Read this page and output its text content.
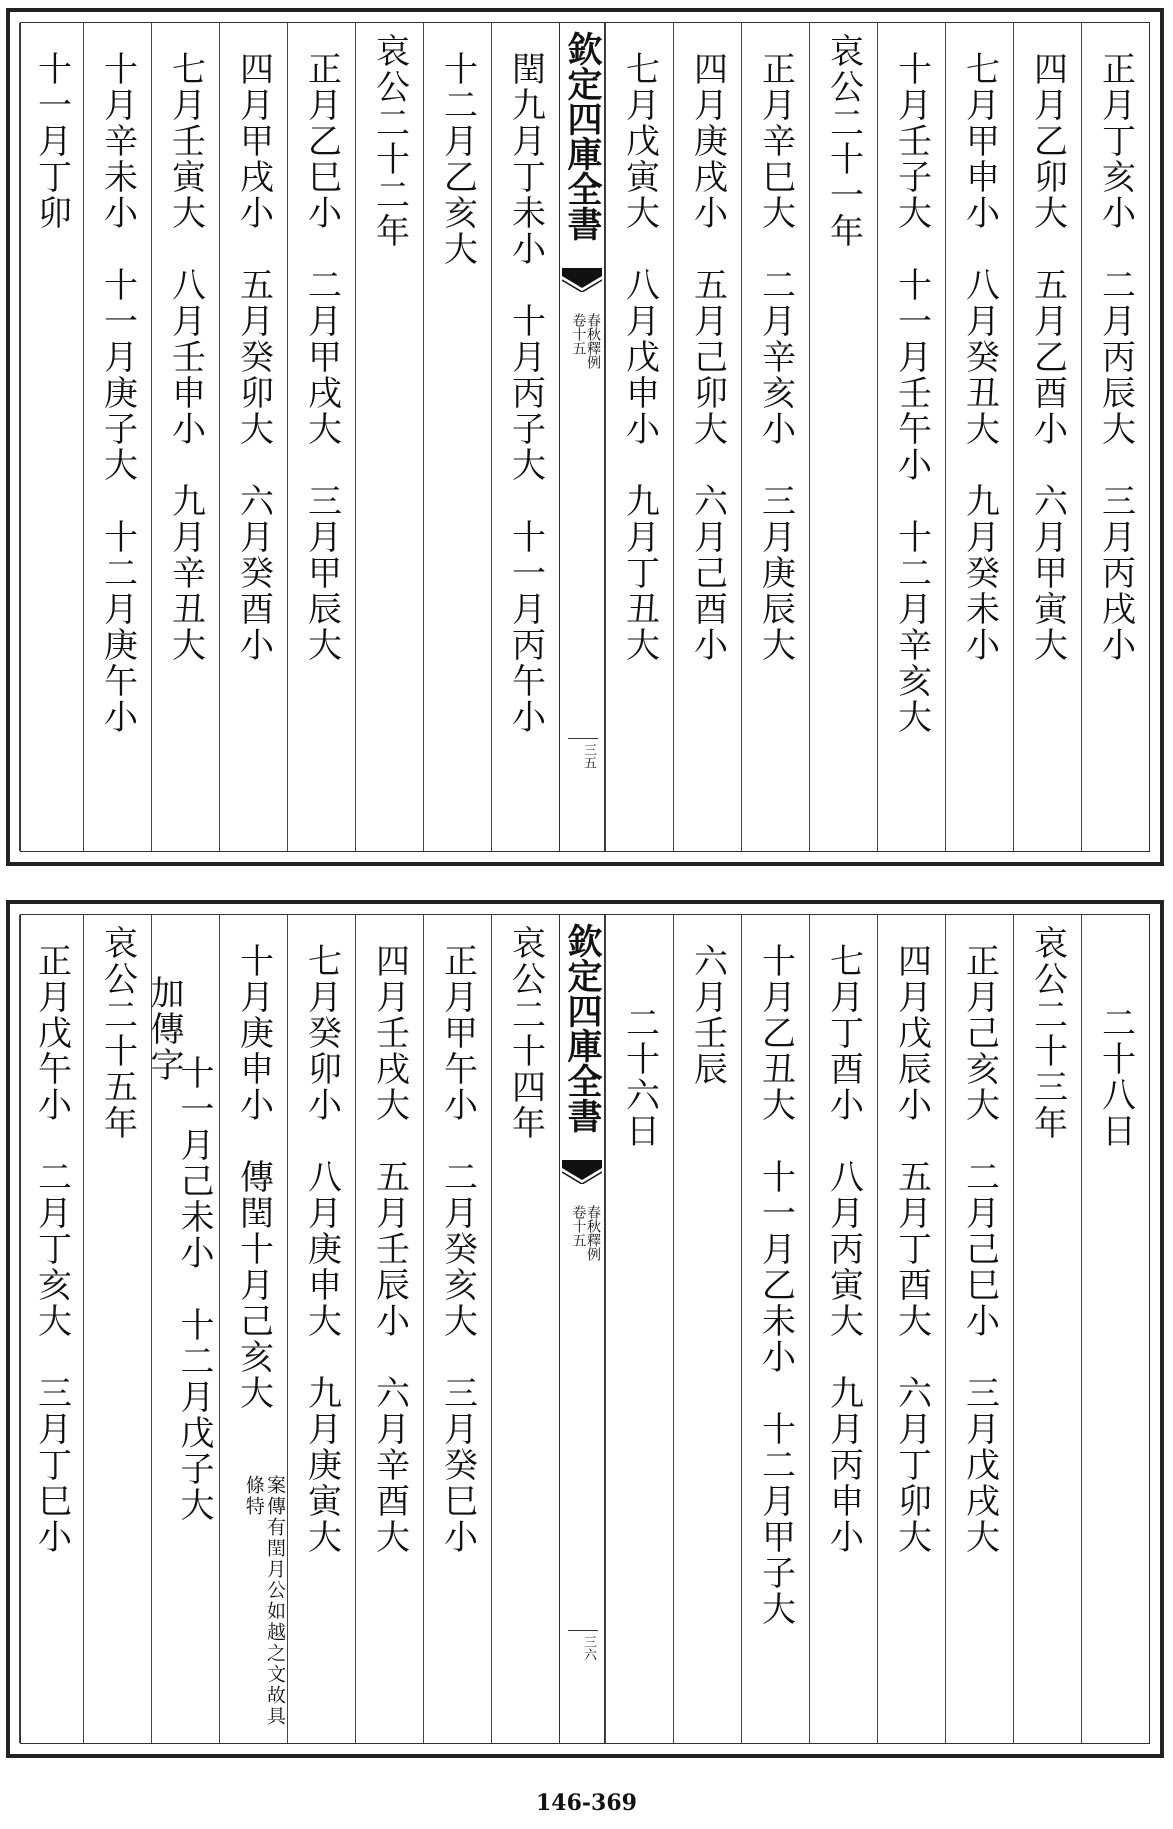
正月丁亥小　二月丙辰大　三月丙戌小
四月乙卯大　五月乙酉小　六月甲寅大
七月甲申小　八月癸丑大　九月癸未小
十月壬子大　十一月壬午小　十二月辛亥大
哀公二十一年
正月辛巳大　二月辛亥小　三月庚辰大
四月庚戌小　五月己卯大　六月己酉小
七月戊寅大　八月戊申小　九月丁丑大
欽定四庫全書
春秋釋例
卷十五
三五
閏九月丁未小　十月丙子大　十一月丙午小
十二月乙亥大
哀公二十二年
正月乙巳小　二月甲戌大　三月甲辰大
四月甲戌小　五月癸卯大　六月癸酉小
七月壬寅大　八月壬申小　九月辛丑大
十月辛未小　十一月庚子大　十二月庚午小
十一月丁卯
二十八日
哀公二十三年
正月己亥大　二月己巳小　三月戊戌大
四月戊辰小　五月丁酉大　六月丁卯大
七月丁酉小　八月丙寅大　九月丙申小
十月乙丑大　十一月乙未小　十二月甲子大
六月壬辰
二十六日
欽定四庫全書
春秋釋例
卷十五
三六
哀公二十四年
正月甲午小　二月癸亥大　三月癸巳小
四月壬戌大　五月壬辰小　六月辛酉大
七月癸卯小　八月庚申大　九月庚寅大
十月庚申小　傳閏十月己亥大
案傳有閏月公如越之文故具條特
加傳字
十一月己未小　十二月戊子大
哀公二十五年
正月戊午小　二月丁亥大　三月丁巳小
146-369
